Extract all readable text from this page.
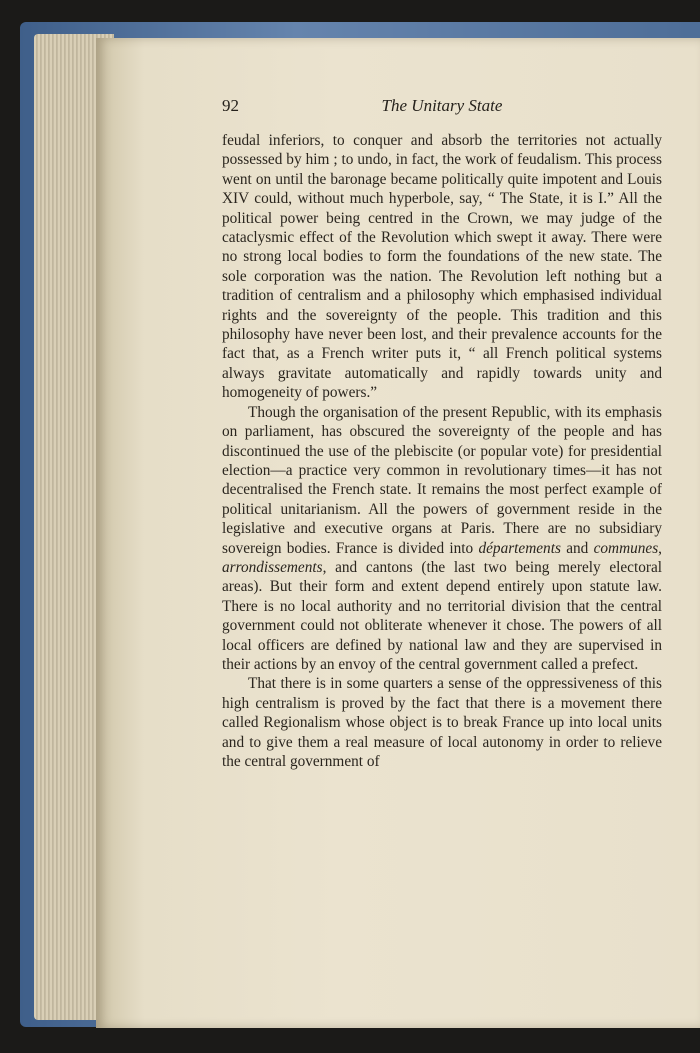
92	The Unitary State

feudal inferiors, to conquer and absorb the territories not actually possessed by him ; to undo, in fact, the work of feudalism. This process went on until the baronage became politically quite impotent and Louis XIV could, without much hyperbole, say, “ The State, it is I.” All the political power being centred in the Crown, we may judge of the cataclysmic effect of the Revolution which swept it away. There were no strong local bodies to form the foundations of the new state. The sole corporation was the nation. The Revolution left nothing but a tradition of centralism and a philosophy which emphasised individual rights and the sovereignty of the people. This tradition and this philosophy have never been lost, and their prevalence accounts for the fact that, as a French writer puts it, “ all French political systems always gravitate automatically and rapidly towards unity and homogeneity of powers.”

Though the organisation of the present Republic, with its emphasis on parliament, has obscured the sovereignty of the people and has discontinued the use of the plebiscite (or popular vote) for presidential election—a practice very common in revolutionary times—it has not decentralised the French state. It remains the most perfect example of political unitarianism. All the powers of government reside in the legislative and executive organs at Paris. There are no subsidiary sovereign bodies. France is divided into départements and communes, arrondissements, and cantons (the last two being merely electoral areas). But their form and extent depend entirely upon statute law. There is no local authority and no territorial division that the central government could not obliterate whenever it chose. The powers of all local officers are defined by national law and they are supervised in their actions by an envoy of the central government called a prefect.

That there is in some quarters a sense of the oppressiveness of this high centralism is proved by the fact that there is a movement there called Regionalism whose object is to break France up into local units and to give them a real measure of local autonomy in order to relieve the central government of
